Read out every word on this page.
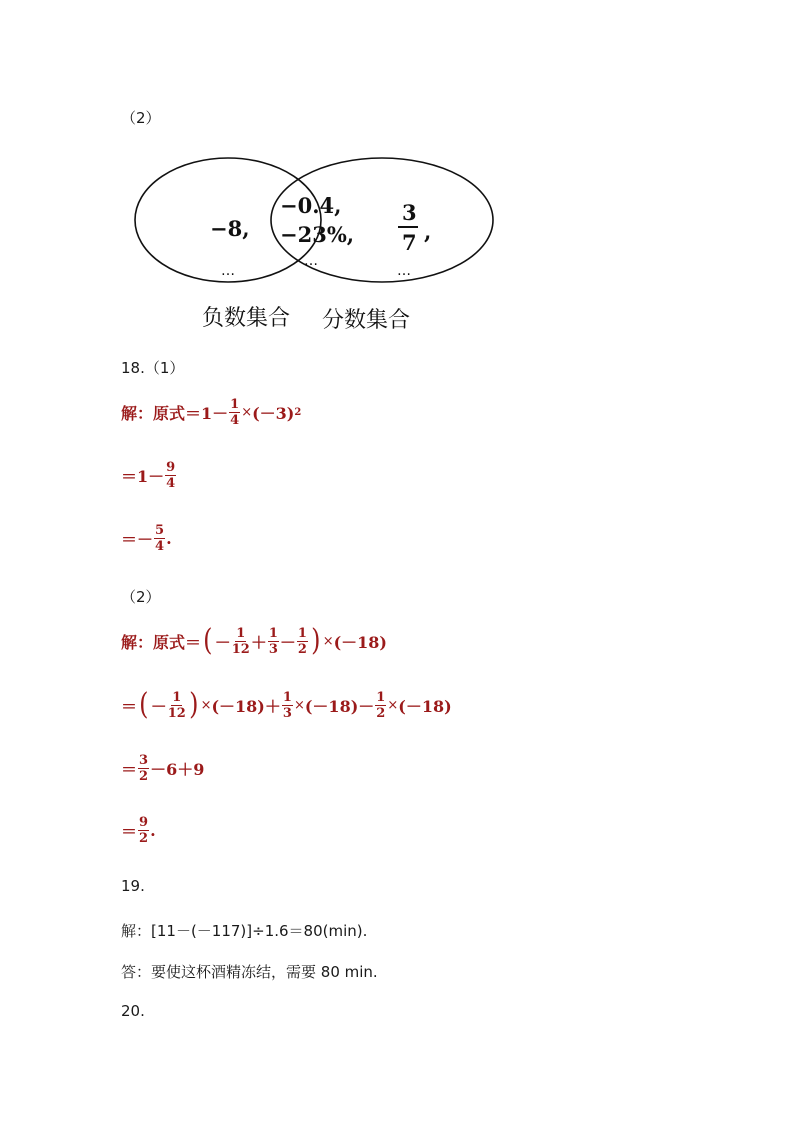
（2）
−8,
−0.4,
−23%,
3
7 ,
…
…
…
负数集合 分数集合
18.（1）
解：原式$=1- \frac{1}{4} \times (-3)$ 2
$=1- \frac{9}{4}$
＝－ $\frac{5}{4}$ .
（2）
解：原式＝ ( － $\frac{1}{12} + \frac{1}{3} - \frac{1}{2}$ ) × (－18)
＝ ( － $\frac{1}{12}$ ) × $(-18) + \frac{1}{3} \times (-18) - \frac{1}{2} \times (-18)$
＝ $\frac{3}{2} -6+9$
＝ $\frac{9}{2}$ .
19.
解：[11－(－117)]÷1.6＝80(min).
答：要使这杯酒精冻结，需要 80 min.
20.
